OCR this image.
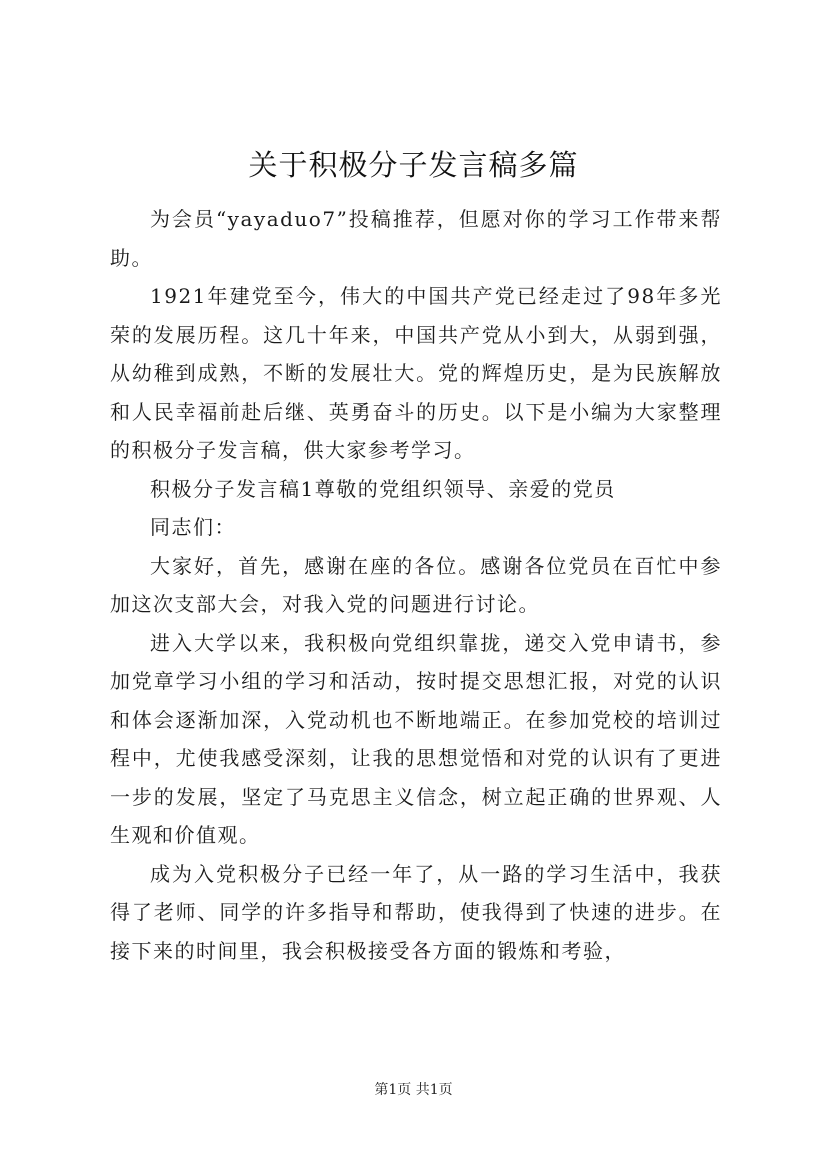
关于积极分子发言稿多篇

为会员“yayaduo7”投稿推荐，但愿对你的学习工作带来帮助。

1921年建党至今，伟大的中国共产党已经走过了98年多光荣的发展历程。这几十年来，中国共产党从小到大，从弱到强，从幼稚到成熟，不断的发展壮大。党的辉煌历史，是为民族解放和人民幸福前赴后继、英勇奋斗的历史。以下是小编为大家整理的积极分子发言稿，供大家参考学习。

积极分子发言稿1尊敬的党组织领导、亲爱的党员

同志们：

大家好，首先，感谢在座的各位。感谢各位党员在百忙中参加这次支部大会，对我入党的问题进行讨论。

进入大学以来，我积极向党组织靠拢，递交入党申请书，参加党章学习小组的学习和活动，按时提交思想汇报，对党的认识和体会逐渐加深，入党动机也不断地端正。在参加党校的培训过程中，尤使我感受深刻，让我的思想觉悟和对党的认识有了更进一步的发展，坚定了马克思主义信念，树立起正确的世界观、人生观和价值观。

成为入党积极分子已经一年了，从一路的学习生活中，我获得了老师、同学的许多指导和帮助，使我得到了快速的进步。在接下来的时间里，我会积极接受各方面的锻炼和考验，

第1页 共1页
